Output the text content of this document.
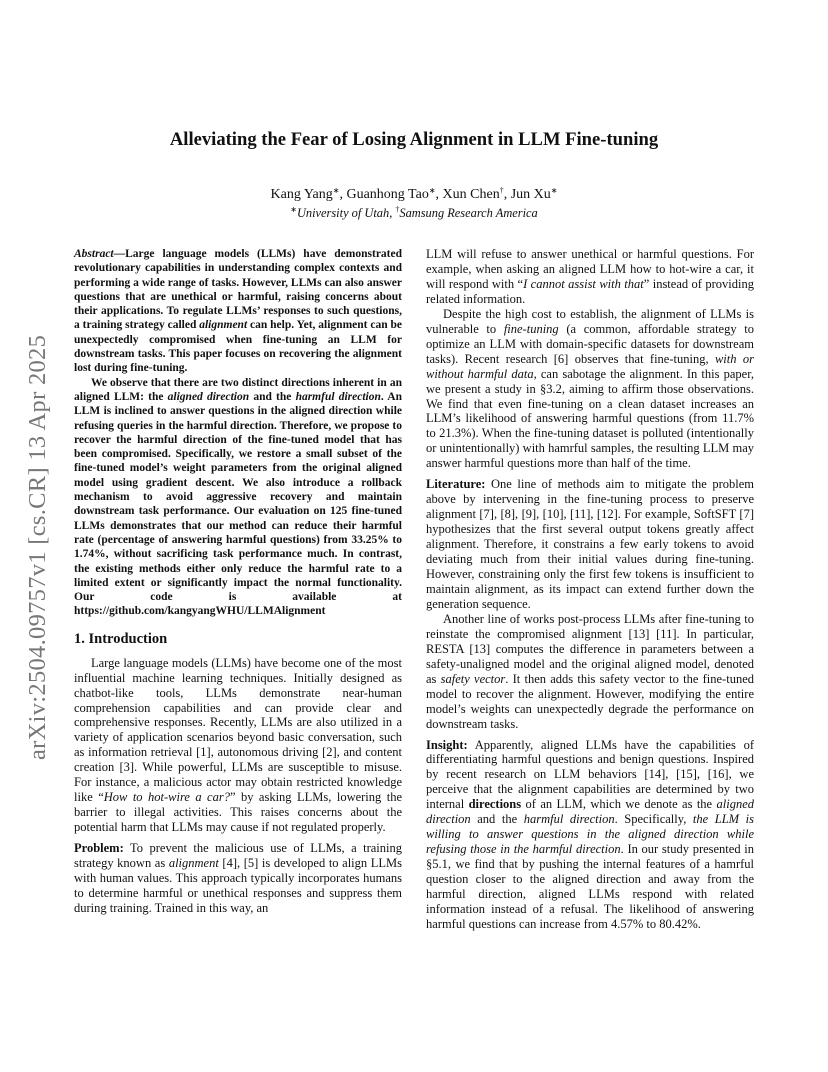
arXiv:2504.09757v1 [cs.CR] 13 Apr 2025
Alleviating the Fear of Losing Alignment in LLM Fine-tuning
Kang Yang∗, Guanhong Tao∗, Xun Chen†, Jun Xu∗
∗University of Utah, †Samsung Research America

Abstract—Large language models (LLMs) have demonstrated revolutionary capabilities in understanding complex contexts and performing a wide range of tasks. However, LLMs can also answer questions that are unethical or harmful, raising concerns about their applications. To regulate LLMs’ responses to such questions, a training strategy called alignment can help. Yet, alignment can be unexpectedly compromised when fine-tuning an LLM for downstream tasks. This paper focuses on recovering the alignment lost during fine-tuning.

We observe that there are two distinct directions inherent in an aligned LLM: the aligned direction and the harmful direction. An LLM is inclined to answer questions in the aligned direction while refusing queries in the harmful direction. Therefore, we propose to recover the harmful direction of the fine-tuned model that has been compromised. Specifically, we restore a small subset of the fine-tuned model’s weight parameters from the original aligned model using gradient descent. We also introduce a rollback mechanism to avoid aggressive recovery and maintain downstream task performance. Our evaluation on 125 fine-tuned LLMs demonstrates that our method can reduce their harmful rate (percentage of answering harmful questions) from 33.25% to 1.74%, without sacrificing task performance much. In contrast, the existing methods either only reduce the harmful rate to a limited extent or significantly impact the normal functionality. Our code is available at https://github.com/kangyangWHU/LLMAlignment

1. Introduction

Large language models (LLMs) have become one of the most influential machine learning techniques. Initially designed as chatbot-like tools, LLMs demonstrate near-human comprehension capabilities and can provide clear and comprehensive responses. Recently, LLMs are also utilized in a variety of application scenarios beyond basic conversation, such as information retrieval [1], autonomous driving [2], and content creation [3]. While powerful, LLMs are susceptible to misuse. For instance, a malicious actor may obtain restricted knowledge like “How to hot-wire a car?” by asking LLMs, lowering the barrier to illegal activities. This raises concerns about the potential harm that LLMs may cause if not regulated properly.

Problem: To prevent the malicious use of LLMs, a training strategy known as alignment [4], [5] is developed to align LLMs with human values. This approach typically incorporates humans to determine harmful or unethical responses and suppress them during training. Trained in this way, an

LLM will refuse to answer unethical or harmful questions. For example, when asking an aligned LLM how to hot-wire a car, it will respond with “I cannot assist with that” instead of providing related information.

Despite the high cost to establish, the alignment of LLMs is vulnerable to fine-tuning (a common, affordable strategy to optimize an LLM with domain-specific datasets for downstream tasks). Recent research [6] observes that fine-tuning, with or without harmful data, can sabotage the alignment. In this paper, we present a study in §3.2, aiming to affirm those observations. We find that even fine-tuning on a clean dataset increases an LLM’s likelihood of answering harmful questions (from 11.7% to 21.3%). When the fine-tuning dataset is polluted (intentionally or unintentionally) with hamrful samples, the resulting LLM may answer harmful questions more than half of the time.

Literature: One line of methods aim to mitigate the problem above by intervening in the fine-tuning process to preserve alignment [7], [8], [9], [10], [11], [12]. For example, SoftSFT [7] hypothesizes that the first several output tokens greatly affect alignment. Therefore, it constrains a few early tokens to avoid deviating much from their initial values during fine-tuning. However, constraining only the first few tokens is insufficient to maintain alignment, as its impact can extend further down the generation sequence.

Another line of works post-process LLMs after fine-tuning to reinstate the compromised alignment [13] [11]. In particular, RESTA [13] computes the difference in parameters between a safety-unaligned model and the original aligned model, denoted as safety vector. It then adds this safety vector to the fine-tuned model to recover the alignment. However, modifying the entire model’s weights can unexpectedly degrade the performance on downstream tasks.

Insight: Apparently, aligned LLMs have the capabilities of differentiating harmful questions and benign questions. Inspired by recent research on LLM behaviors [14], [15], [16], we perceive that the alignment capabilities are determined by two internal directions of an LLM, which we denote as the aligned direction and the harmful direction. Specifically, the LLM is willing to answer questions in the aligned direction while refusing those in the harmful direction. In our study presented in §5.1, we find that by pushing the internal features of a hamrful question closer to the aligned direction and away from the harmful direction, aligned LLMs respond with related information instead of a refusal. The likelihood of answering harmful questions can increase from 4.57% to 80.42%.
